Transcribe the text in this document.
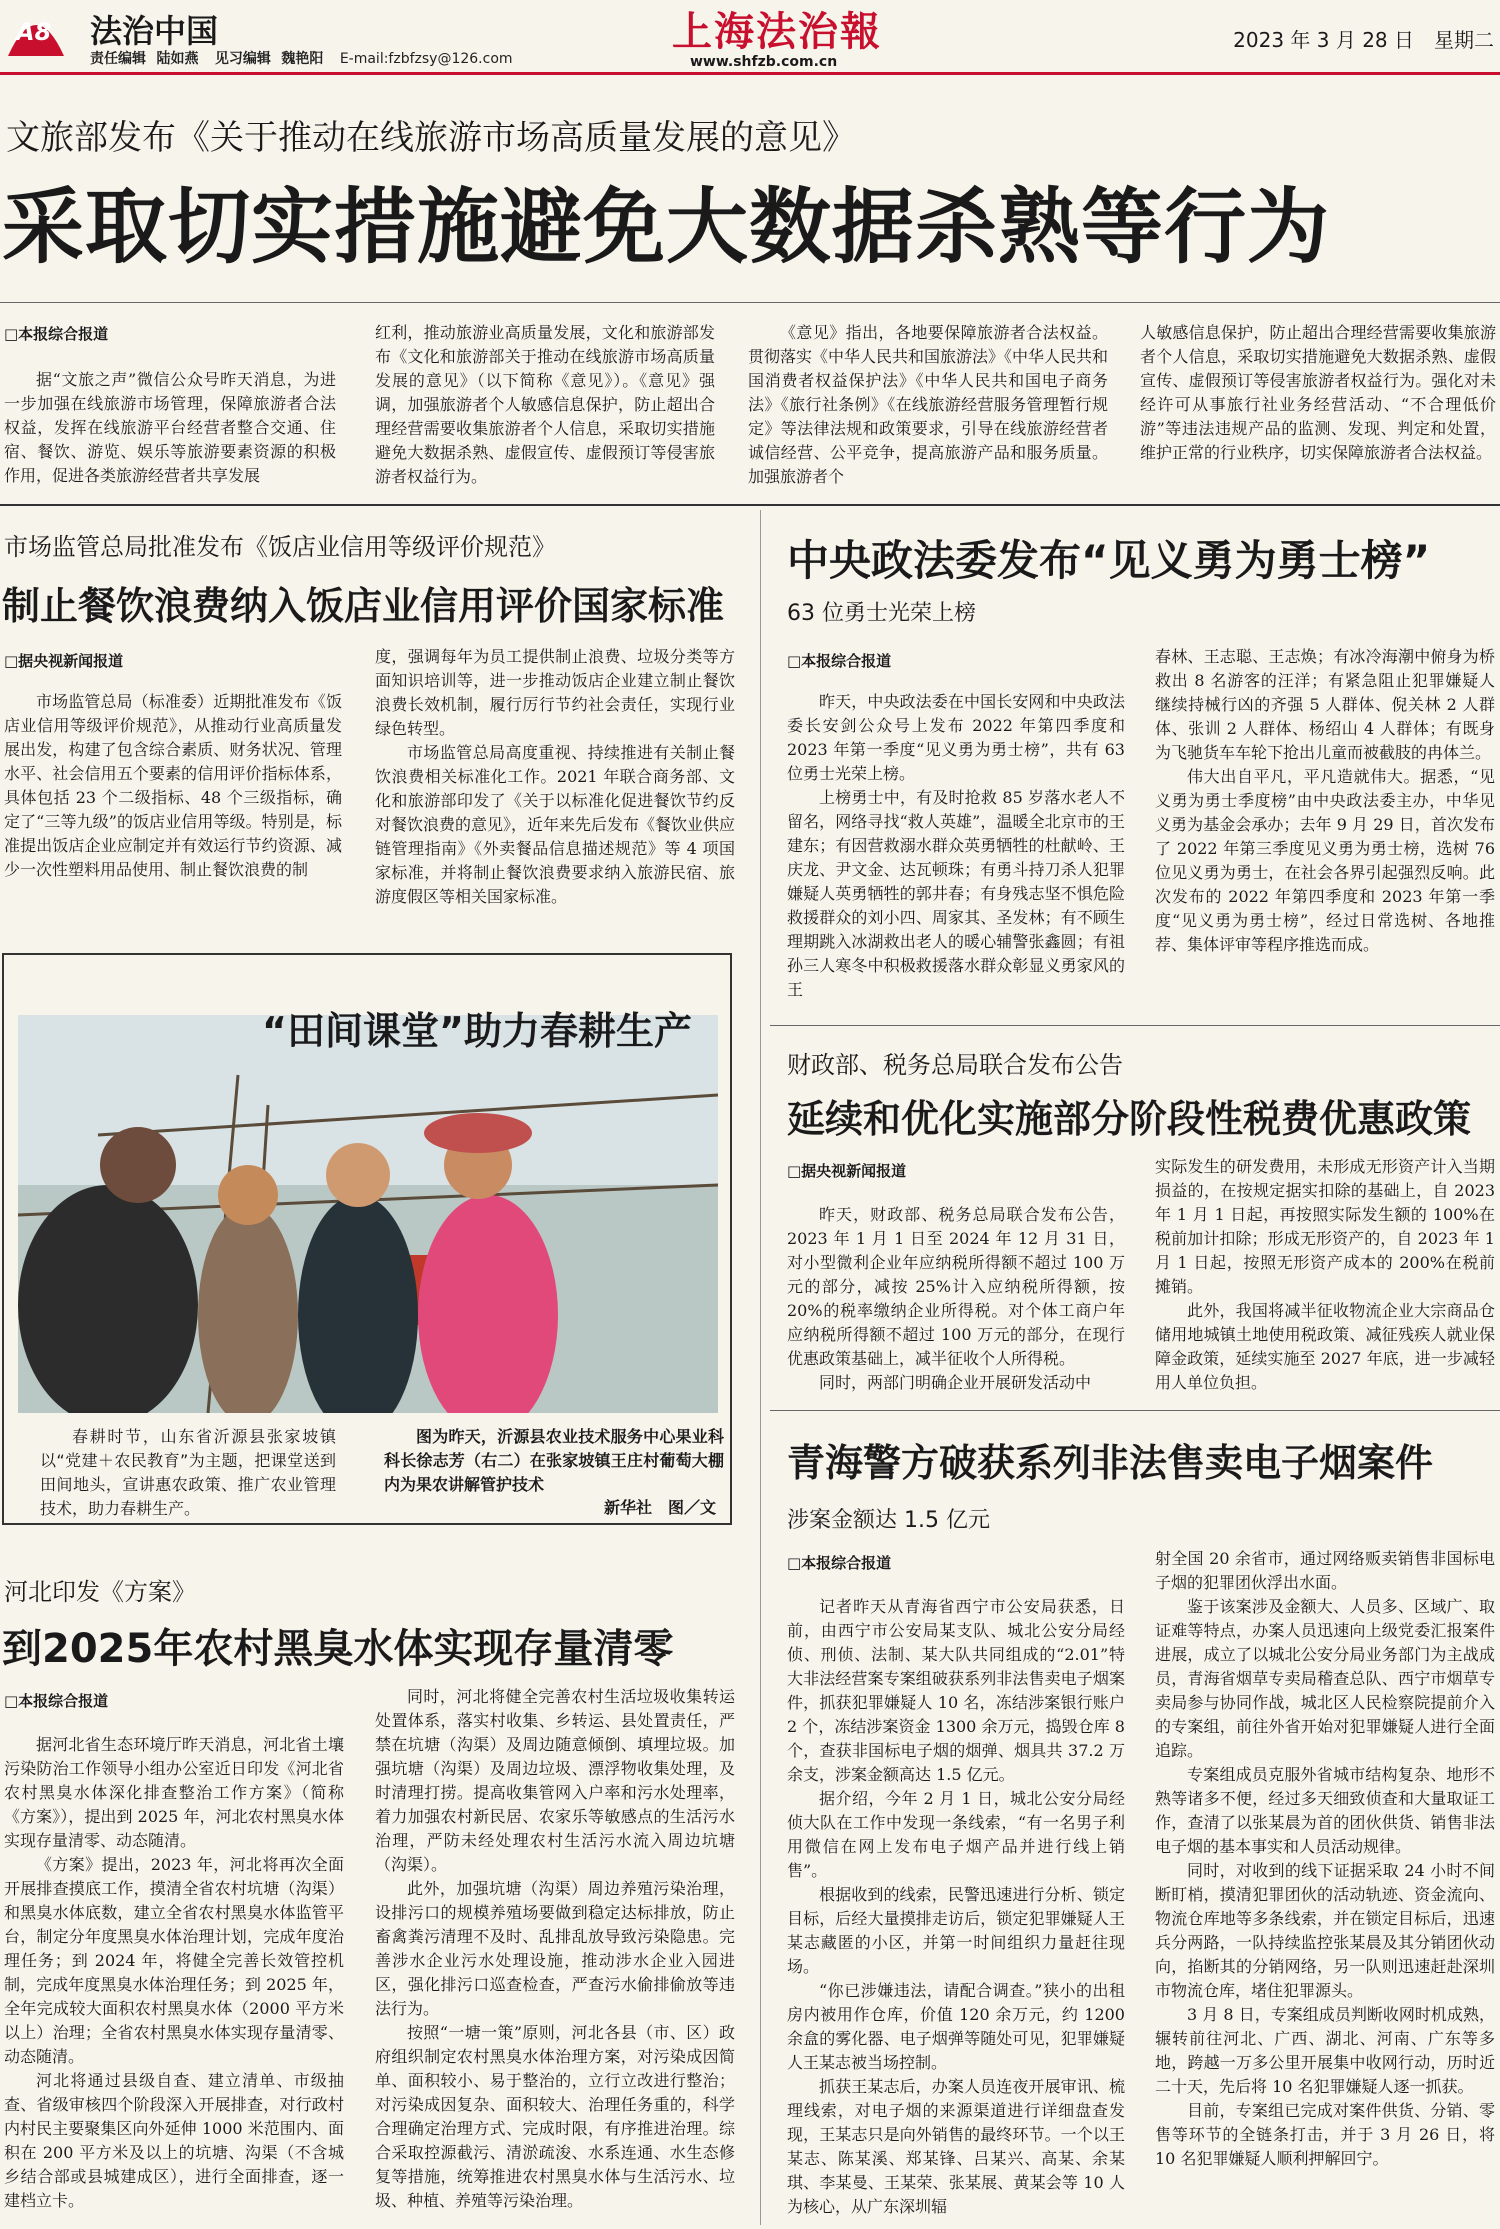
A8 法治中国
责任编辑 陆如燕 见习编辑 魏艳阳 E-mail:fzbfzsy@126.com
上海法治報
www.shfzb.com.cn
2023 年 3 月 28 日　星期二
文旅部发布《关于推动在线旅游市场高质量发展的意见》
采取切实措施避免大数据杀熟等行为
□本报综合报道

据“文旅之声”微信公众号昨天消息，为进一步加强在线旅游市场管理，保障旅游者合法权益，发挥在线旅游平台经营者整合交通、住宿、餐饮、游览、娱乐等旅游要素资源的积极作用，促进各类旅游经营者共享发展

红利，推动旅游业高质量发展，文化和旅游部发布《文化和旅游部关于推动在线旅游市场高质量发展的意见》（以下简称《意见》）。《意见》强调，加强旅游者个人敏感信息保护，防止超出合理经营需要收集旅游者个人信息，采取切实措施避免大数据杀熟、虚假宣传、虚假预订等侵害旅游者权益行为。

《意见》指出，各地要保障旅游者合法权益。贯彻落实《中华人民共和国旅游法》《中华人民共和国消费者权益保护法》《中华人民共和国电子商务法》《旅行社条例》《在线旅游经营服务管理暂行规定》等法律法规和政策要求，引导在线旅游经营者诚信经营、公平竞争，提高旅游产品和服务质量。加强旅游者个

人敏感信息保护，防止超出合理经营需要收集旅游者个人信息，采取切实措施避免大数据杀熟、虚假宣传、虚假预订等侵害旅游者权益行为。强化对未经许可从事旅行社业务经营活动、“不合理低价游”等违法违规产品的监测、发现、判定和处置，维护正常的行业秩序，切实保障旅游者合法权益。

市场监管总局批准发布《饭店业信用等级评价规范》
制止餐饮浪费纳入饭店业信用评价国家标准
□据央视新闻报道

市场监管总局（标准委）近期批准发布《饭店业信用等级评价规范》，从推动行业高质量发展出发，构建了包含综合素质、财务状况、管理水平、社会信用五个要素的信用评价指标体系，具体包括 23 个二级指标、48 个三级指标，确定了“三等九级”的饭店业信用等级。特别是，标准提出饭店企业应制定并有效运行节约资源、减少一次性塑料用品使用、制止餐饮浪费的制

度，强调每年为员工提供制止浪费、垃圾分类等方面知识培训等，进一步推动饭店企业建立制止餐饮浪费长效机制，履行厉行节约社会责任，实现行业绿色转型。

市场监管总局高度重视、持续推进有关制止餐饮浪费相关标准化工作。2021 年联合商务部、文化和旅游部印发了《关于以标准化促进餐饮节约反对餐饮浪费的意见》，近年来先后发布《餐饮业供应链管理指南》《外卖餐品信息描述规范》等 4 项国家标准，并将制止餐饮浪费要求纳入旅游民宿、旅游度假区等相关国家标准。

“田间课堂”助力春耕生产

春耕时节，山东省沂源县张家坡镇以“党建＋农民教育”为主题，把课堂送到田间地头，宣讲惠农政策、推广农业管理技术，助力春耕生产。

图为昨天，沂源县农业技术服务中心果业科科长徐志芳（右二）在张家坡镇王庄村葡萄大棚内为果农讲解管护技术

新华社　图／文
河北印发《方案》
到2025年农村黑臭水体实现存量清零
□本报综合报道

据河北省生态环境厅昨天消息，河北省土壤污染防治工作领导小组办公室近日印发《河北省农村黑臭水体深化排查整治工作方案》（简称《方案》），提出到 2025 年，河北农村黑臭水体实现存量清零、动态随清。

《方案》提出，2023 年，河北将再次全面开展排查摸底工作，摸清全省农村坑塘（沟渠）和黑臭水体底数，建立全省农村黑臭水体监管平台，制定分年度黑臭水体治理计划，完成年度治理任务；到 2024 年，将健全完善长效管控机制，完成年度黑臭水体治理任务；到 2025 年，全年完成较大面积农村黑臭水体（2000 平方米以上）治理；全省农村黑臭水体实现存量清零、动态随清。

河北将通过县级自查、建立清单、市级抽查、省级审核四个阶段深入开展排查，对行政村内村民主要聚集区向外延伸 1000 米范围内、面积在 200 平方米及以上的坑塘、沟渠（不含城乡结合部或县城建成区），进行全面排查，逐一建档立卡。

同时，河北将健全完善农村生活垃圾收集转运处置体系，落实村收集、乡转运、县处置责任，严禁在坑塘（沟渠）及周边随意倾倒、填埋垃圾。加强坑塘（沟渠）及周边垃圾、漂浮物收集处理，及时清理打捞。提高收集管网入户率和污水处理率，着力加强农村新民居、农家乐等敏感点的生活污水治理，严防未经处理农村生活污水流入周边坑塘（沟渠）。

此外，加强坑塘（沟渠）周边养殖污染治理，设排污口的规模养殖场要做到稳定达标排放，防止畜禽粪污清理不及时、乱排乱放导致污染隐患。完善涉水企业污水处理设施，推动涉水企业入园进区，强化排污口巡查检查，严查污水偷排偷放等违法行为。

按照“一塘一策”原则，河北各县（市、区）政府组织制定农村黑臭水体治理方案，对污染成因简单、面积较小、易于整治的，立行立改进行整治；对污染成因复杂、面积较大、治理任务重的，科学合理确定治理方式、完成时限，有序推进治理。综合采取控源截污、清淤疏浚、水系连通、水生态修复等措施，统筹推进农村黑臭水体与生活污水、垃圾、种植、养殖等污染治理。

中央政法委发布“见义勇为勇士榜”
63 位勇士光荣上榜
□本报综合报道

昨天，中央政法委在中国长安网和中央政法委长安剑公众号上发布 2022 年第四季度和 2023 年第一季度“见义勇为勇士榜”，共有 63 位勇士光荣上榜。

上榜勇士中，有及时抢救 85 岁落水老人不留名，网络寻找“救人英雄”，温暖全北京市的王建东；有因营救溺水群众英勇牺牲的杜献岭、王庆龙、尹文金、达瓦顿珠；有勇斗持刀杀人犯罪嫌疑人英勇牺牲的郭井春；有身残志坚不惧危险救援群众的刘小四、周家其、圣发林；有不顾生理期跳入冰湖救出老人的暖心辅警张鑫圆；有祖孙三人寒冬中积极救援落水群众彰显义勇家风的王

春林、王志聪、王志焕；有冰冷海潮中俯身为桥救出 8 名游客的汪洋；有紧急阻止犯罪嫌疑人继续持械行凶的齐强 5 人群体、倪关林 2 人群体、张训 2 人群体、杨绍山 4 人群体；有既身为飞驰货车车轮下抢出儿童而被截肢的冉体兰。

伟大出自平凡，平凡造就伟大。据悉，“见义勇为勇士季度榜”由中央政法委主办，中华见义勇为基金会承办；去年 9 月 29 日，首次发布了 2022 年第三季度见义勇为勇士榜，选树 76 位见义勇为勇士，在社会各界引起强烈反响。此次发布的 2022 年第四季度和 2023 年第一季度“见义勇为勇士榜”，经过日常选树、各地推荐、集体评审等程序推选而成。

财政部、税务总局联合发布公告
延续和优化实施部分阶段性税费优惠政策
□据央视新闻报道

昨天，财政部、税务总局联合发布公告，2023 年 1 月 1 日至 2024 年 12 月 31 日，对小型微利企业年应纳税所得额不超过 100 万元的部分，减按 25%计入应纳税所得额，按 20%的税率缴纳企业所得税。对个体工商户年应纳税所得额不超过 100 万元的部分，在现行优惠政策基础上，减半征收个人所得税。

同时，两部门明确企业开展研发活动中

实际发生的研发费用，未形成无形资产计入当期损益的，在按规定据实扣除的基础上，自 2023 年 1 月 1 日起，再按照实际发生额的 100%在税前加计扣除；形成无形资产的，自 2023 年 1 月 1 日起，按照无形资产成本的 200%在税前摊销。

此外，我国将减半征收物流企业大宗商品仓储用地城镇土地使用税政策、减征残疾人就业保障金政策，延续实施至 2027 年底，进一步减轻用人单位负担。

青海警方破获系列非法售卖电子烟案件
涉案金额达 1.5 亿元
□本报综合报道

记者昨天从青海省西宁市公安局获悉，日前，由西宁市公安局某支队、城北公安分局经侦、刑侦、法制、某大队共同组成的“2.01”特大非法经营案专案组破获系列非法售卖电子烟案件，抓获犯罪嫌疑人 10 名，冻结涉案银行账户 2 个，冻结涉案资金 1300 余万元，捣毁仓库 8 个，查获非国标电子烟的烟弹、烟具共 37.2 万余支，涉案金额高达 1.5 亿元。

据介绍，今年 2 月 1 日，城北公安分局经侦大队在工作中发现一条线索，“有一名男子利用微信在网上发布电子烟产品并进行线上销售”。

根据收到的线索，民警迅速进行分析、锁定目标，后经大量摸排走访后，锁定犯罪嫌疑人王某志藏匿的小区，并第一时间组织力量赶往现场。

“你已涉嫌违法，请配合调查。”狭小的出租房内被用作仓库，价值 120 余万元，约 1200 余盒的雾化器、电子烟弹等随处可见，犯罪嫌疑人王某志被当场控制。

抓获王某志后，办案人员连夜开展审讯、梳理线索，对电子烟的来源渠道进行详细盘查发现，王某志只是向外销售的最终环节。一个以王某志、陈某溪、郑某锋、吕某兴、高某、余某琪、李某曼、王某荣、张某展、黄某会等 10 人为核心，从广东深圳辐

射全国 20 余省市，通过网络贩卖销售非国标电子烟的犯罪团伙浮出水面。

鉴于该案涉及金额大、人员多、区域广、取证难等特点，办案人员迅速向上级党委汇报案件进展，成立了以城北公安分局业务部门为主战成员，青海省烟草专卖局稽查总队、西宁市烟草专卖局参与协同作战，城北区人民检察院提前介入的专案组，前往外省开始对犯罪嫌疑人进行全面追踪。

专案组成员克服外省城市结构复杂、地形不熟等诸多不便，经过多天细致侦查和大量取证工作，查清了以张某晨为首的团伙供货、销售非法电子烟的基本事实和人员活动规律。

同时，对收到的线下证据采取 24 小时不间断盯梢，摸清犯罪团伙的活动轨迹、资金流向、物流仓库地等多条线索，并在锁定目标后，迅速兵分两路，一队持续监控张某晨及其分销团伙动向，掐断其的分销网络，另一队则迅速赶赴深圳市物流仓库，堵住犯罪源头。

3 月 8 日，专案组成员判断收网时机成熟，辗转前往河北、广西、湖北、河南、广东等多地，跨越一万多公里开展集中收网行动，历时近二十天，先后将 10 名犯罪嫌疑人逐一抓获。

目前，专案组已完成对案件供货、分销、零售等环节的全链条打击，并于 3 月 26 日，将 10 名犯罪嫌疑人顺利押解回宁。
